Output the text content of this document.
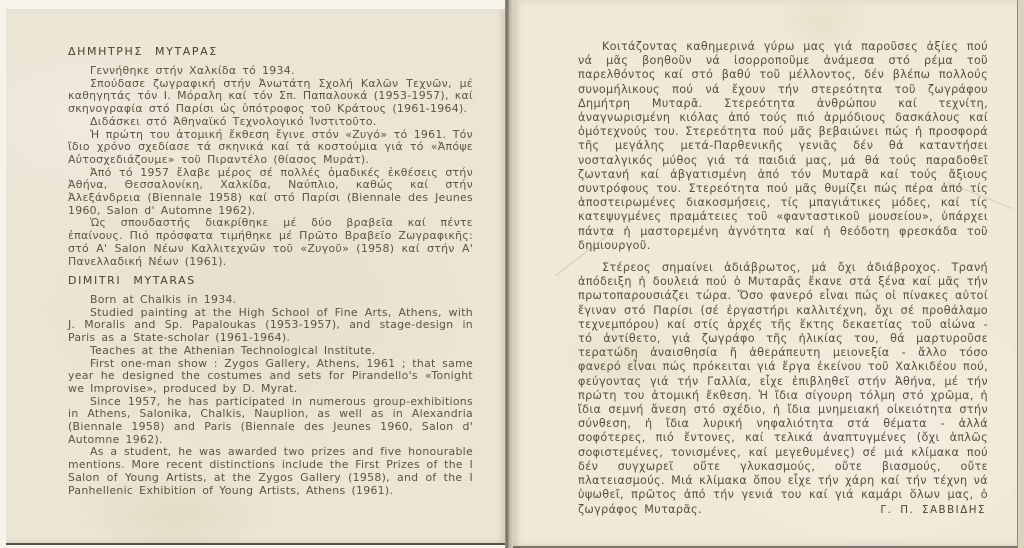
ΔΗΜΗΤΡΗΣ ΜΥΤΑΡΑΣ

Γεννήθηκε στήν Χαλκίδα τό 1934.

Σπούδασε ζωγραφική στήν Ἀνωτάτη Σχολή Καλῶν Τεχνῶν, μέ καθηγητάς τόν Ι. Μόραλη καί τόν Σπ. Παπαλουκά (1953-1957), καί σκηνογραφία στό Παρίσι ὡς ὑπότροφος τοῦ Κράτους (1961-1964).

Διδάσκει στό Ἀθηναϊκό Τεχνολογικό Ἰνστιτοῦτο.

Ἡ πρώτη του ἀτομική ἔκθεση ἔγινε στόν «Ζυγό» τό 1961. Τόν ἴδιο χρόνο σχεδίασε τά σκηνικά καί τά κοστούμια γιά τό «Ἀπόψε Αὐτοσχεδιάζουμε» τοῦ Πιραντέλο (θίασος Μυράτ).

Ἀπό τό 1957 ἔλαβε μέρος σέ πολλές ὁμαδικές ἐκθέσεις στήν Ἀθήνα, Θεσσαλονίκη, Χαλκίδα, Ναύπλιο, καθώς καί στήν Ἀλεξάνδρεια (Biennale 1958) καί στό Παρίσι (Biennale des Jeunes 1960, Salon d' Automne 1962).

Ὡς σπουδαστής διακρίθηκε μέ δύο βραβεῖα καί πέντε ἐπαίνους. Πιό πρόσφατα τιμήθηκε μέ Πρῶτο Βραβεῖο Ζωγραφικῆς: στό Α' Salon Νέων Καλλιτεχνῶν τοῦ «Ζυγοῦ» (1958) καί στήν Α' Πανελλαδική Νέων (1961).

DIMITRI MYTARAS

Born at Chalkis in 1934.

Studied painting at the High School of Fine Arts, Athens, with J. Moralis and Sp. Papaloukas (1953-1957), and stage-design in Paris as a State-scholar (1961-1964).

Teaches at the Athenian Technological Institute.

First one-man show : Zygos Gallery, Athens, 1961 ; that same year he designed the costumes and sets for Pirandello's «Tonight we Improvise», produced by D. Myrat.

Since 1957, he has participated in numerous group-exhibitions in Athens, Salonika, Chalkis, Nauplion, as well as in Alexandria (Biennale 1958) and Paris (Biennale des Jeunes 1960, Salon d' Automne 1962).

As a student, he was awarded two prizes and five honourable mentions. More recent distinctions include the First Prizes of the I Salon of Young Artists, at the Zygos Gallery (1958), and of the I Panhellenic Exhibition of Young Artists, Athens (1961).

Κοιτάζοντας καθημερινά γύρω μας γιά παροῦσες ἀξίες πού νά μᾶς βοηθοῦν νά ἰσορροποῦμε ἀνάμεσα στό ρέμα τοῦ παρελθόντος καί στό βαθύ τοῦ μέλλοντος, δέν βλέπω πολλούς συνομήλικους πού νά ἔχουν τήν στερεότητα τοῦ ζωγράφου Δημήτρη Μυταρᾶ. Στερεότητα ἀνθρώπου καί τεχνίτη, ἀναγνωρισμένη κιόλας ἀπό τούς πιό ἁρμόδιους δασκάλους καί ὁμότεχνούς του. Στερεότητα πού μᾶς βεβαιώνει πώς ἡ προσφορά τῆς μεγάλης μετά-Παρθενικῆς γενιᾶς δέν θά καταντήσει νοσταλγικός μύθος γιά τά παιδιά μας, μά θά τούς παραδοθεῖ ζωντανή καί ἀβγατισμένη ἀπό τόν Μυταρᾶ καί τούς ἄξιους συντρόφους του. Στερεότητα πού μᾶς θυμίζει πώς πέρα ἀπό τίς ἀποστειρωμένες διακοσμήσεις, τίς μπαγιάτικες μόδες, καί τίς κατεψυγμένες πραμάτειες τοῦ «φανταστικοῦ μουσείου», ὑπάρχει πάντα ἡ μαστορεμένη ἁγνότητα καί ἡ θεόδοτη φρεσκάδα τοῦ δημιουργοῦ.

Στέρεος σημαίνει ἀδιάβρωτος, μά ὄχι ἀδιάβροχος. Τρανή ἀπόδειξη ἡ δουλειά πού ὁ Μυταρᾶς ἔκανε στά ξένα καί μᾶς τήν πρωτοπαρουσιάζει τώρα. Ὅσο φανερό εἶναι πώς οἱ πίνακες αὐτοί ἔγιναν στό Παρίσι (σέ ἐργαστήρι καλλιτέχνη, ὄχι σέ προθάλαμο τεχνεμπόρου) καί στίς ἀρχές τῆς ἕκτης δεκαετίας τοῦ αἰώνα - τό ἀντίθετο, γιά ζωγράφο τῆς ἡλικίας του, θά μαρτυροῦσε τερατώδη ἀναισθησία ἤ ἀθεράπευτη μειονεξία - ἄλλο τόσο φανερό εἶναι πώς πρόκειται γιά ἔργα ἐκείνου τοῦ Χαλκιδέου πού, φεύγοντας γιά τήν Γαλλία, εἶχε ἐπιβληθεῖ στήν Ἀθήνα, μέ τήν πρώτη του ἀτομική ἔκθεση. Ἡ ἴδια σίγουρη τόλμη στό χρῶμα, ἡ ἴδια σεμνή ἄνεση στό σχέδιο, ἡ ἴδια μνημειακή οἰκειότητα στήν σύνθεση, ἡ ἴδια λυρική νηφαλιότητα στά θέματα - ἀλλά σοφότερες, πιό ἔντονες, καί τελικά ἀναπτυγμένες (ὄχι ἁπλῶς σοφιστεμένες, τονισμένες, καί μεγεθυμένες) σέ μιά κλίμακα πού δέν συγχωρεῖ οὔτε γλυκασμούς, οὔτε βιασμούς, οὔτε πλατειασμούς. Μιά κλίμακα ὅπου εἶχε τήν χάρη καί τήν τέχνη νά ὑψωθεῖ, πρῶτος ἀπό τήν γενιά του καί γιά καμάρι ὅλων μας, ὁ ζωγράφος Μυταρᾶς.	Γ. Π. ΣΑΒΒΙΔΗΣ
